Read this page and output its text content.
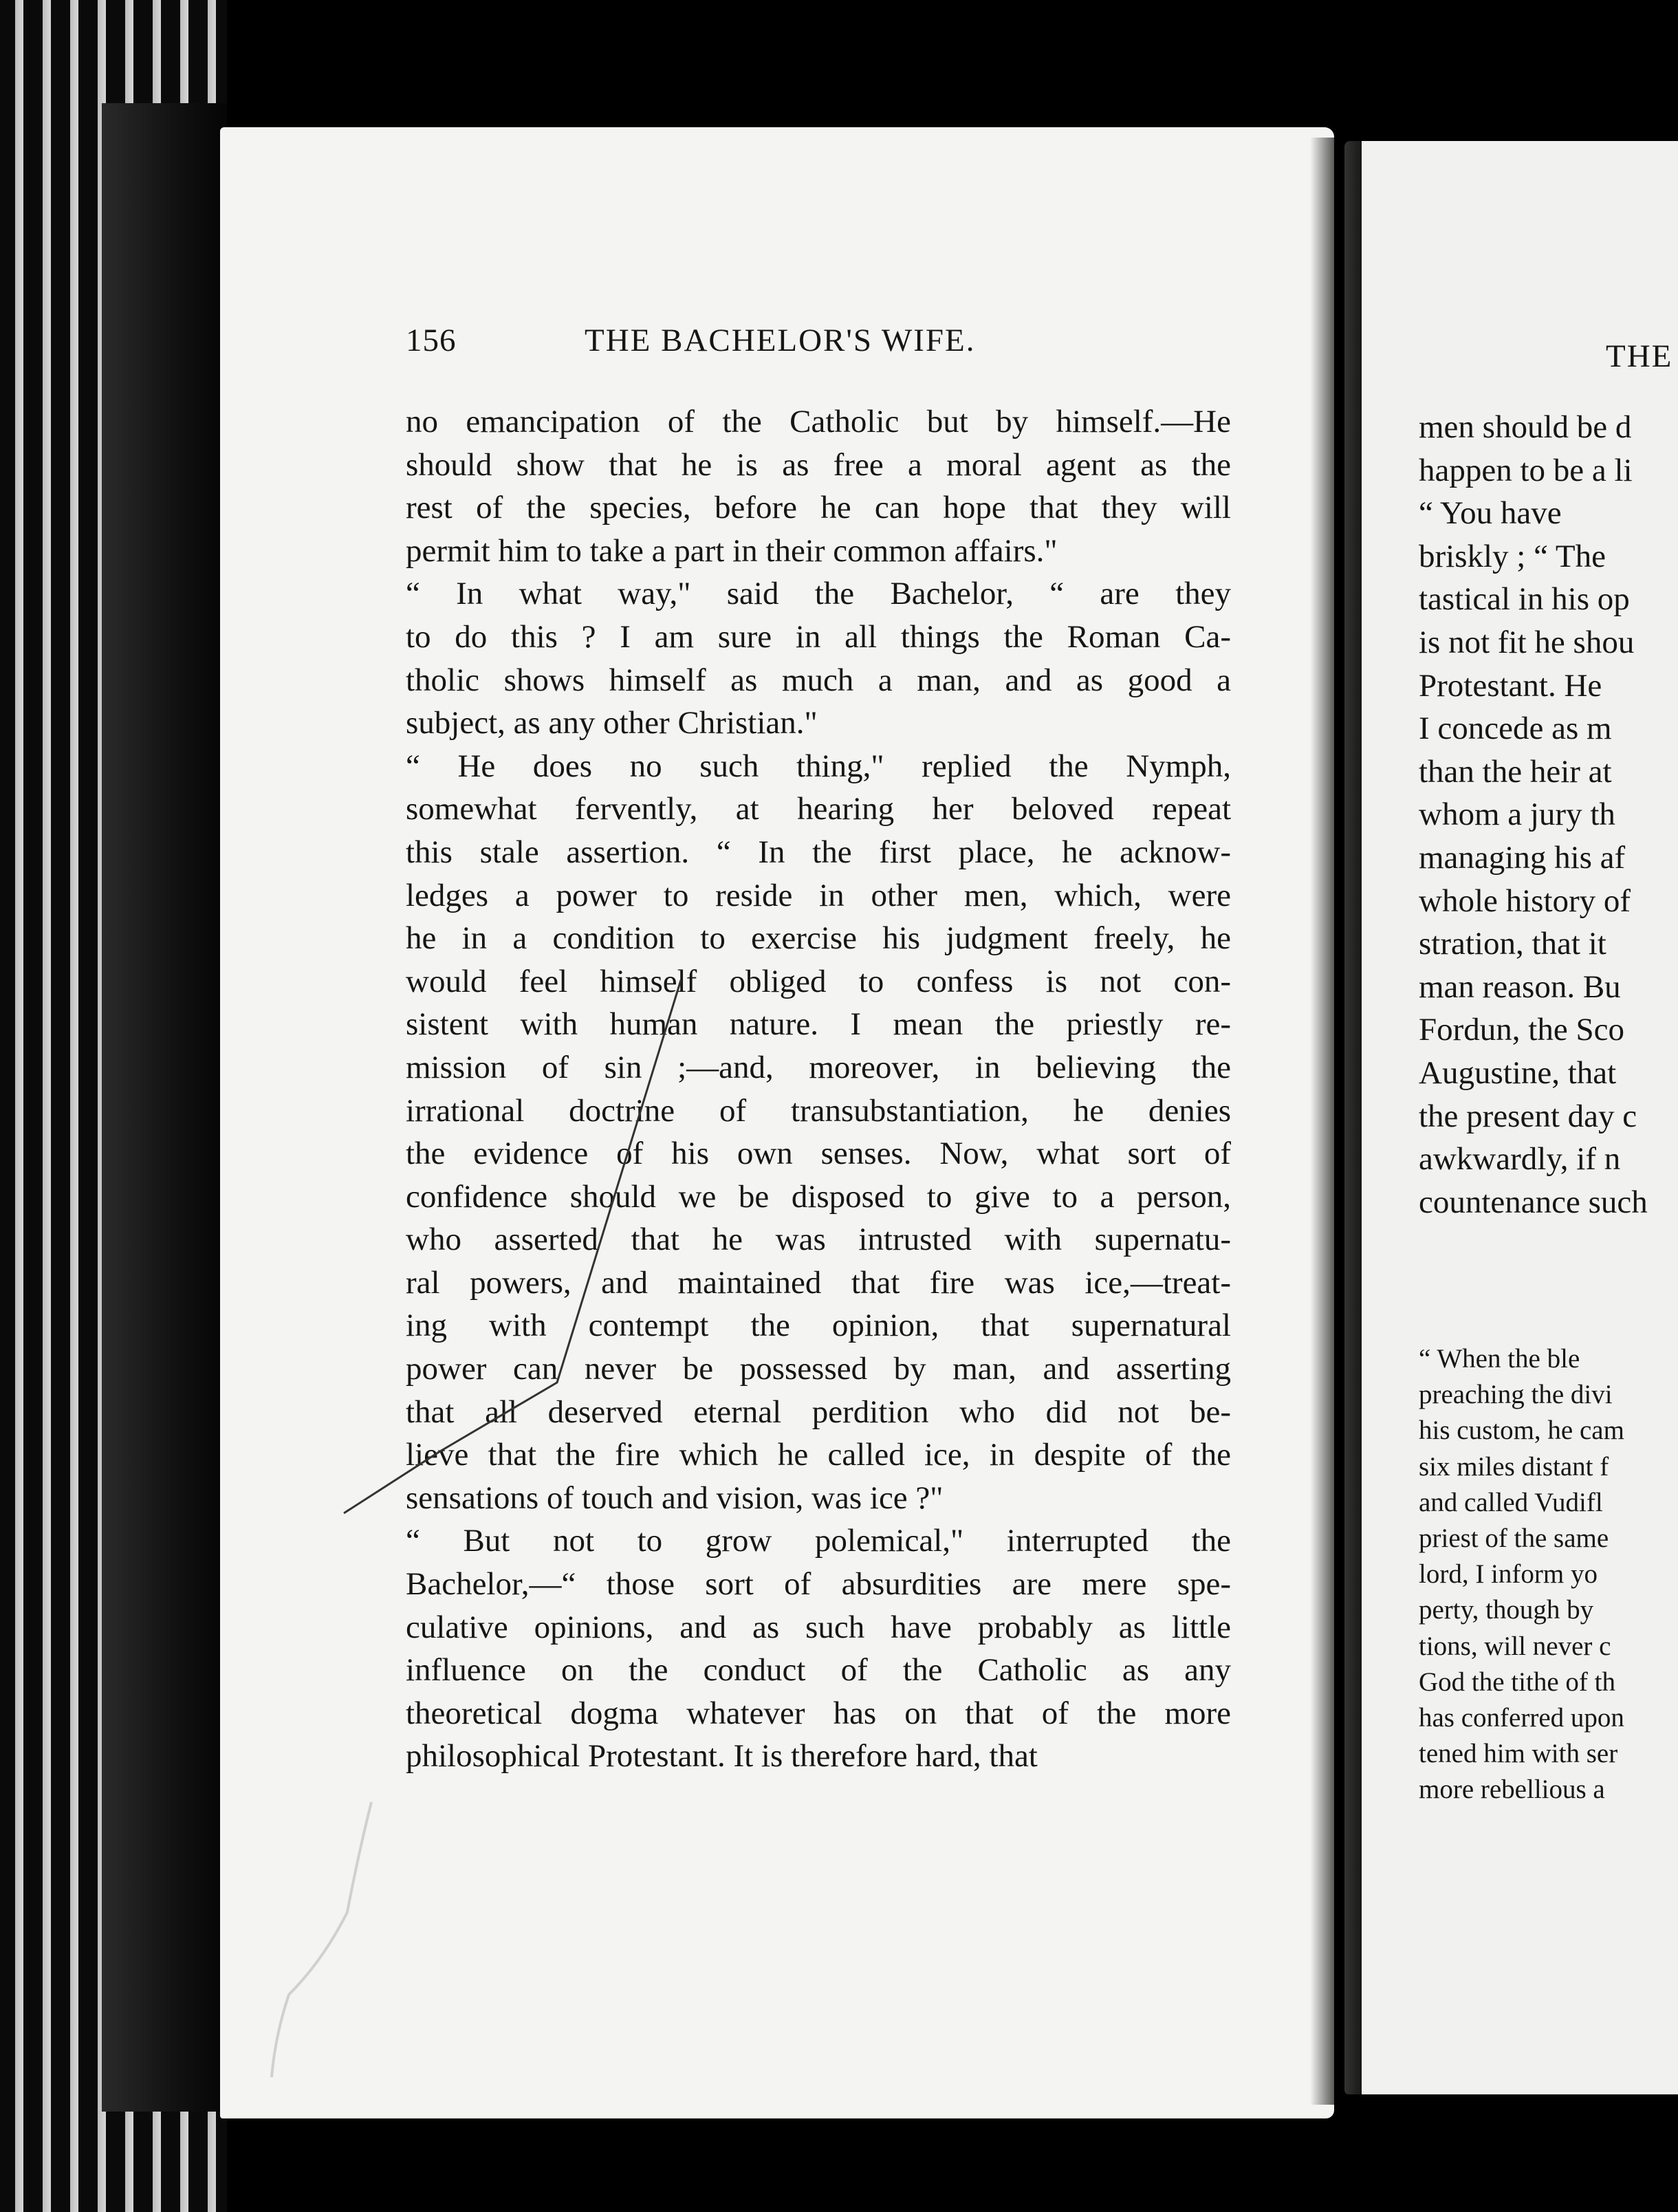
156	THE BACHELOR'S WIFE.
no emancipation of the Catholic but by himself.—He
should show that he is as free a moral agent as the
rest of the species, before he can hope that they will
permit him to take a part in their common affairs."
“ In what way," said the Bachelor, “ are they
to do this ? I am sure in all things the Roman Ca-
tholic shows himself as much a man, and as good a
subject, as any other Christian."
“ He does no such thing," replied the Nymph,
somewhat fervently, at hearing her beloved repeat
this stale assertion. “ In the first place, he acknow-
ledges a power to reside in other men, which, were
he in a condition to exercise his judgment freely, he
would feel himself obliged to confess is not con-
sistent with human nature. I mean the priestly re-
mission of sin ;—and, moreover, in believing the
irrational doctrine of transubstantiation, he denies
the evidence of his own senses. Now, what sort of
confidence should we be disposed to give to a person,
who asserted that he was intrusted with supernatu-
ral powers, and maintained that fire was ice,—treat-
ing with contempt the opinion, that supernatural
power can never be possessed by man, and asserting
that all deserved eternal perdition who did not be-
lieve that the fire which he called ice, in despite of the
sensations of touch and vision, was ice ?"
“ But not to grow polemical," interrupted the
Bachelor,—“ those sort of absurdities are mere spe-
culative opinions, and as such have probably as little
influence on the conduct of the Catholic as any
theoretical dogma whatever has on that of the more
philosophical Protestant. It is therefore hard, that
THE
men should be d
happen to be a li
“ You have
briskly ; “ The
tastical in his op
is not fit he shou
Protestant. He
I concede as m
than the heir at
whom a jury th
managing his af
whole history of
stration, that it
man reason. Bu
Fordun, the Sco
Augustine, that
the present day c
awkwardly, if n
countenance such
“ When the ble
preaching the divi
his custom, he cam
six miles distant f
and called Vudifl
priest of the same
lord, I inform yo
perty, though by
tions, will never c
God the tithe of th
has conferred upon
tened him with ser
more rebellious a
